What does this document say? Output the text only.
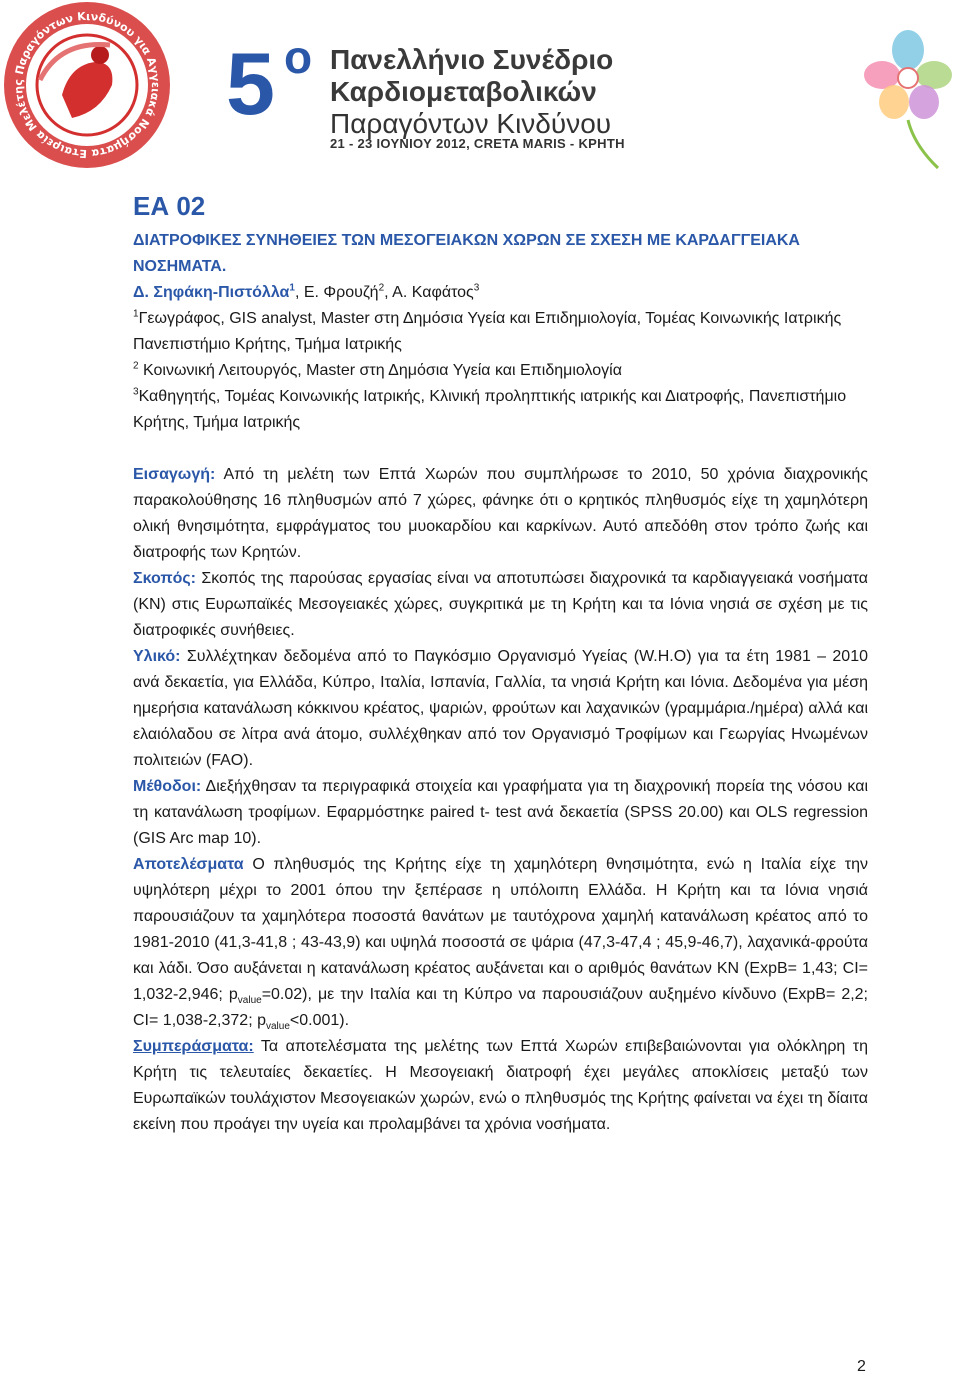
Εταιρεία Μελέτης Παραγόντων Κινδύνου για Αγγειακά Νοσήματα
5 ο Πανελλήνιο Συνέδριο
Καρδιομεταβολικών
Παραγόντων Κινδύνου
21 - 23 ΙΟΥΝΙΟΥ 2012, CRETA MARIS - ΚΡΗΤΗ
ΕΑ 02
ΔΙΑΤΡΟΦΙΚΕΣ ΣΥΝΗΘΕΙΕΣ ΤΩΝ ΜΕΣΟΓΕΙΑΚΩΝ ΧΩΡΩΝ ΣΕ ΣΧΕΣΗ ΜΕ ΚΑΡΔΑΓΓΕΙΑΚΑ ΝΟΣΗΜΑΤΑ.
Δ. Σηφάκη-Πιστόλλα$^1$, Ε. Φρουζή$^2$, Α. Καφάτος$^3$
$^1$Γεωγράφος, GIS analyst, Master στη Δημόσια Υγεία και Επιδημιολογία, Τομέας Κοινωνικής Ιατρικής Πανεπιστήμιο Κρήτης, Τμήμα Ιατρικής
$^2$ Κοινωνική Λειτουργός, Master στη Δημόσια Υγεία και Επιδημιολογία
$^3$Καθηγητής, Τομέας Κοινωνικής Ιατρικής, Κλινική προληπτικής ιατρικής και Διατροφής, Πανεπιστήμιο Κρήτης, Τμήμα Ιατρικής

Εισαγωγή: Από τη μελέτη των Επτά Χωρών που συμπλήρωσε το 2010, 50 χρόνια διαχρονικής παρακολούθησης 16 πληθυσμών από 7 χώρες, φάνηκε ότι ο κρητικός πληθυσμός είχε τη χαμηλότερη ολική θνησιμότητα, εμφράγματος του μυοκαρδίου και καρκίνων. Αυτό απεδόθη στον τρόπο ζωής και διατροφής των Κρητών.

Σκοπός: Σκοπός της παρούσας εργασίας είναι να αποτυπώσει διαχρονικά τα καρδιαγγειακά νοσήματα (ΚΝ) στις Ευρωπαϊκές Μεσογειακές χώρες, συγκριτικά με τη Κρήτη και τα Ιόνια νησιά σε σχέση με τις διατροφικές συνήθειες.

Υλικό: Συλλέχτηκαν δεδομένα από το Παγκόσμιο Οργανισμό Υγείας (W.H.O) για τα έτη 1981 – 2010 ανά δεκαετία, για Ελλάδα, Κύπρο, Ιταλία, Ισπανία, Γαλλία, τα νησιά Κρήτη και Ιόνια. Δεδομένα για μέση ημερήσια κατανάλωση κόκκινου κρέατος, ψαριών, φρούτων και λαχανικών (γραμμάρια./ημέρα) αλλά και ελαιόλαδου σε λίτρα ανά άτομο, συλλέχθηκαν από τον Οργανισμό Τροφίμων και Γεωργίας Ηνωμένων πολιτειών (FAO).

Μέθοδοι: Διεξήχθησαν τα περιγραφικά στοιχεία και γραφήματα για τη διαχρονική πορεία της νόσου και τη κατανάλωση τροφίμων. Εφαρμόστηκε paired t- test ανά δεκαετία (SPSS 20.00) και OLS regression (GIS Arc map 10).

Αποτελέσματα Ο πληθυσμός της Κρήτης είχε τη χαμηλότερη θνησιμότητα, ενώ η Ιταλία είχε την υψηλότερη μέχρι το 2001 όπου την ξεπέρασε η υπόλοιπη Ελλάδα. Η Κρήτη και τα Ιόνια νησιά παρουσιάζουν τα χαμηλότερα ποσοστά θανάτων με ταυτόχρονα χαμηλή κατανάλωση κρέατος από το 1981-2010 (41,3-41,8 ; 43-43,9) και υψηλά ποσοστά σε ψάρια (47,3-47,4 ; 45,9-46,7), λαχανικά-φρούτα και λάδι. Όσο αυξάνεται η κατανάλωση κρέατος αυξάνεται και ο αριθμός θανάτων ΚΝ (ExpB= 1,43; CI= 1,032-2,946; $p_{value}=0.02$), με την Ιταλία και τη Κύπρο να παρουσιάζουν αυξημένο κίνδυνο (ExpB= 2,2; CI= 1,038-2,372; $p_{value}<0.001$).

Συμπεράσματα: Τα αποτελέσματα της μελέτης των Επτά Χωρών επιβεβαιώνονται για ολόκληρη τη Κρήτη τις τελευταίες δεκαετίες. Η Μεσογειακή διατροφή έχει μεγάλες αποκλίσεις μεταξύ των Ευρωπαϊκών τουλάχιστον Μεσογειακών χωρών, ενώ ο πληθυσμός της Κρήτης φαίνεται να έχει τη δίαιτα εκείνη που προάγει την υγεία και προλαμβάνει τα χρόνια νοσήματα.

2
